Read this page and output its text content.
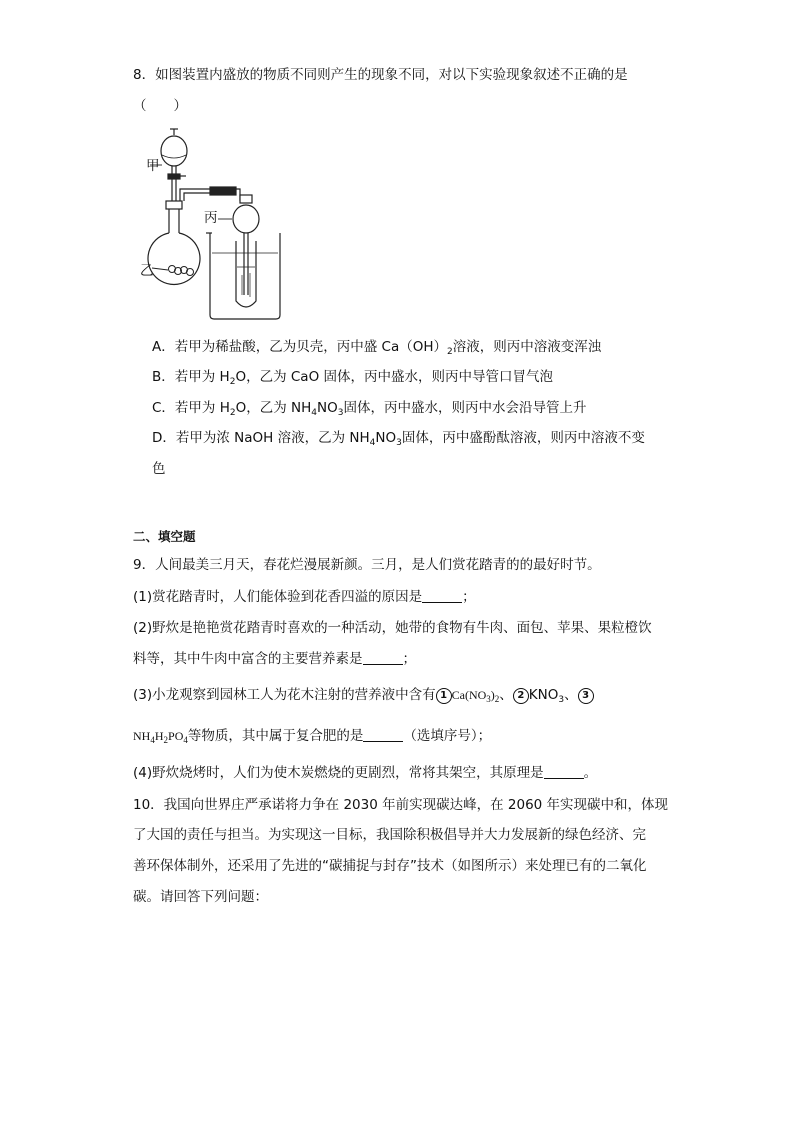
8．如图装置内盛放的物质不同则产生的现象不同，对以下实验现象叙述不正确的是
（　　）
甲
丙
乙
A．若甲为稀盐酸，乙为贝壳，丙中盛 $Ca(OH)_2$溶液，则丙中溶液变浑浊
B．若甲为 $H_2O$，乙为 CaO 固体，丙中盛水，则丙中导管口冒气泡
C．若甲为 $H_2O$，乙为 $NH_4NO_3$固体，丙中盛水，则丙中水会沿导管上升
D．若甲为浓 NaOH 溶液，乙为 $NH_4NO_3$固体，丙中盛酚酞溶液，则丙中溶液不变
色
二、填空题
9．人间最美三月天，春花烂漫展新颜。三月，是人们赏花踏青的的最好时节。
(1)赏花踏青时，人们能体验到花香四溢的原因是	；
(2)野炊是艳艳赏花踏青时喜欢的一种活动，她带的食物有牛肉、面包、苹果、果粒橙饮
料等，其中牛肉中富含的主要营养素是	；
(3)小龙观察到园林工人为花木注射的营养液中含有 1 $Ca(NO_3)_2$、 2 $KNO_3$、 3
$NH_4H_2PO_4$等物质，其中属于复合肥的是	（选填序号）；
(4)野炊烧烤时，人们为使木炭燃烧的更剧烈，常将其架空，其原理是	。
10．我国向世界庄严承诺将力争在 2030 年前实现碳达峰，在 2060 年实现碳中和，体现
了大国的责任与担当。为实现这一目标，我国除积极倡导并大力发展新的绿色经济、完
善环保体制外，还采用了先进的“碳捕捉与封存”技术（如图所示）来处理已有的二氧化
碳。请回答下列问题：
